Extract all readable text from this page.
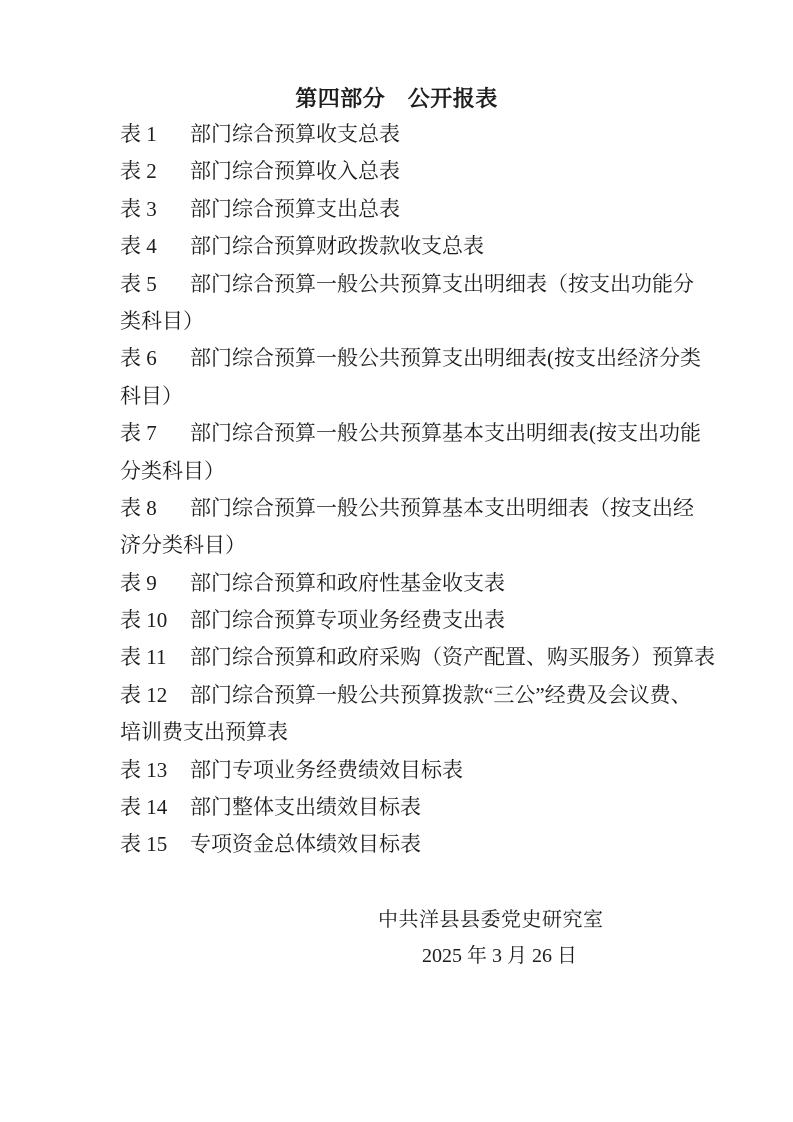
第四部分　公开报表
表 1 部门综合预算收支总表
表 2 部门综合预算收入总表
表 3 部门综合预算支出总表
表 4 部门综合预算财政拨款收支总表
表 5 部门综合预算一般公共预算支出明细表（按支出功能分
类科目）
表 6 部门综合预算一般公共预算支出明细表(按支出经济分类
科目）
表 7 部门综合预算一般公共预算基本支出明细表(按支出功能
分类科目）
表 8 部门综合预算一般公共预算基本支出明细表（按支出经
济分类科目）
表 9 部门综合预算和政府性基金收支表
表 10 部门综合预算专项业务经费支出表
表 11 部门综合预算和政府采购（资产配置、购买服务）预算表
表 12 部门综合预算一般公共预算拨款“三公”经费及会议费、
培训费支出预算表
表 13 部门专项业务经费绩效目标表
表 14 部门整体支出绩效目标表
表 15 专项资金总体绩效目标表
中共洋县县委党史研究室
2025 年 3 月 26 日
